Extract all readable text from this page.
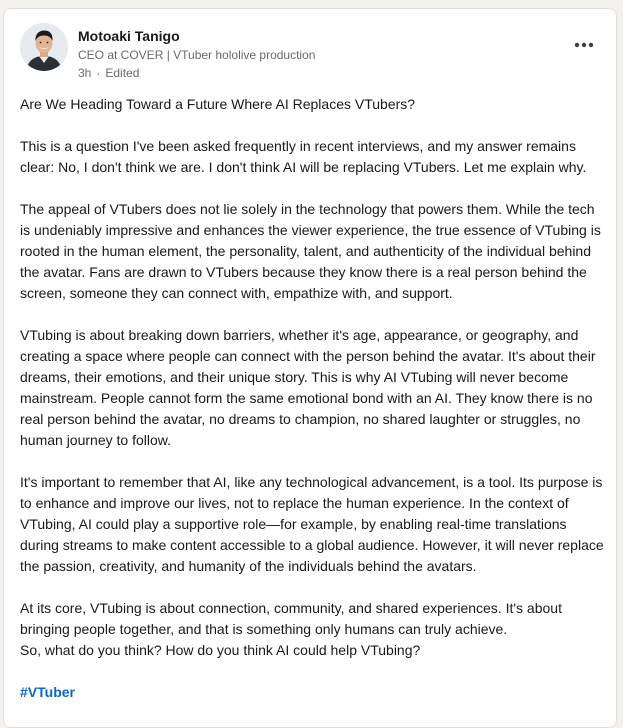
Motoaki Tanigo
CEO at COVER | VTuber hololive production
3h · Edited

Are We Heading Toward a Future Where AI Replaces VTubers?

This is a question I've been asked frequently in recent interviews, and my answer remains clear: No, I don't think we are. I don't think AI will be replacing VTubers. Let me explain why.

The appeal of VTubers does not lie solely in the technology that powers them. While the tech is undeniably impressive and enhances the viewer experience, the true essence of VTubing is rooted in the human element, the personality, talent, and authenticity of the individual behind the avatar. Fans are drawn to VTubers because they know there is a real person behind the screen, someone they can connect with, empathize with, and support.

VTubing is about breaking down barriers, whether it's age, appearance, or geography, and creating a space where people can connect with the person behind the avatar. It's about their dreams, their emotions, and their unique story. This is why AI VTubing will never become mainstream. People cannot form the same emotional bond with an AI. They know there is no real person behind the avatar, no dreams to champion, no shared laughter or struggles, no human journey to follow.

It's important to remember that AI, like any technological advancement, is a tool. Its purpose is to enhance and improve our lives, not to replace the human experience. In the context of VTubing, AI could play a supportive role—for example, by enabling real-time translations during streams to make content accessible to a global audience. However, it will never replace the passion, creativity, and humanity of the individuals behind the avatars.

At its core, VTubing is about connection, community, and shared experiences. It's about bringing people together, and that is something only humans can truly achieve.

So, what do you think? How do you think AI could help VTubing?

#VTuber
